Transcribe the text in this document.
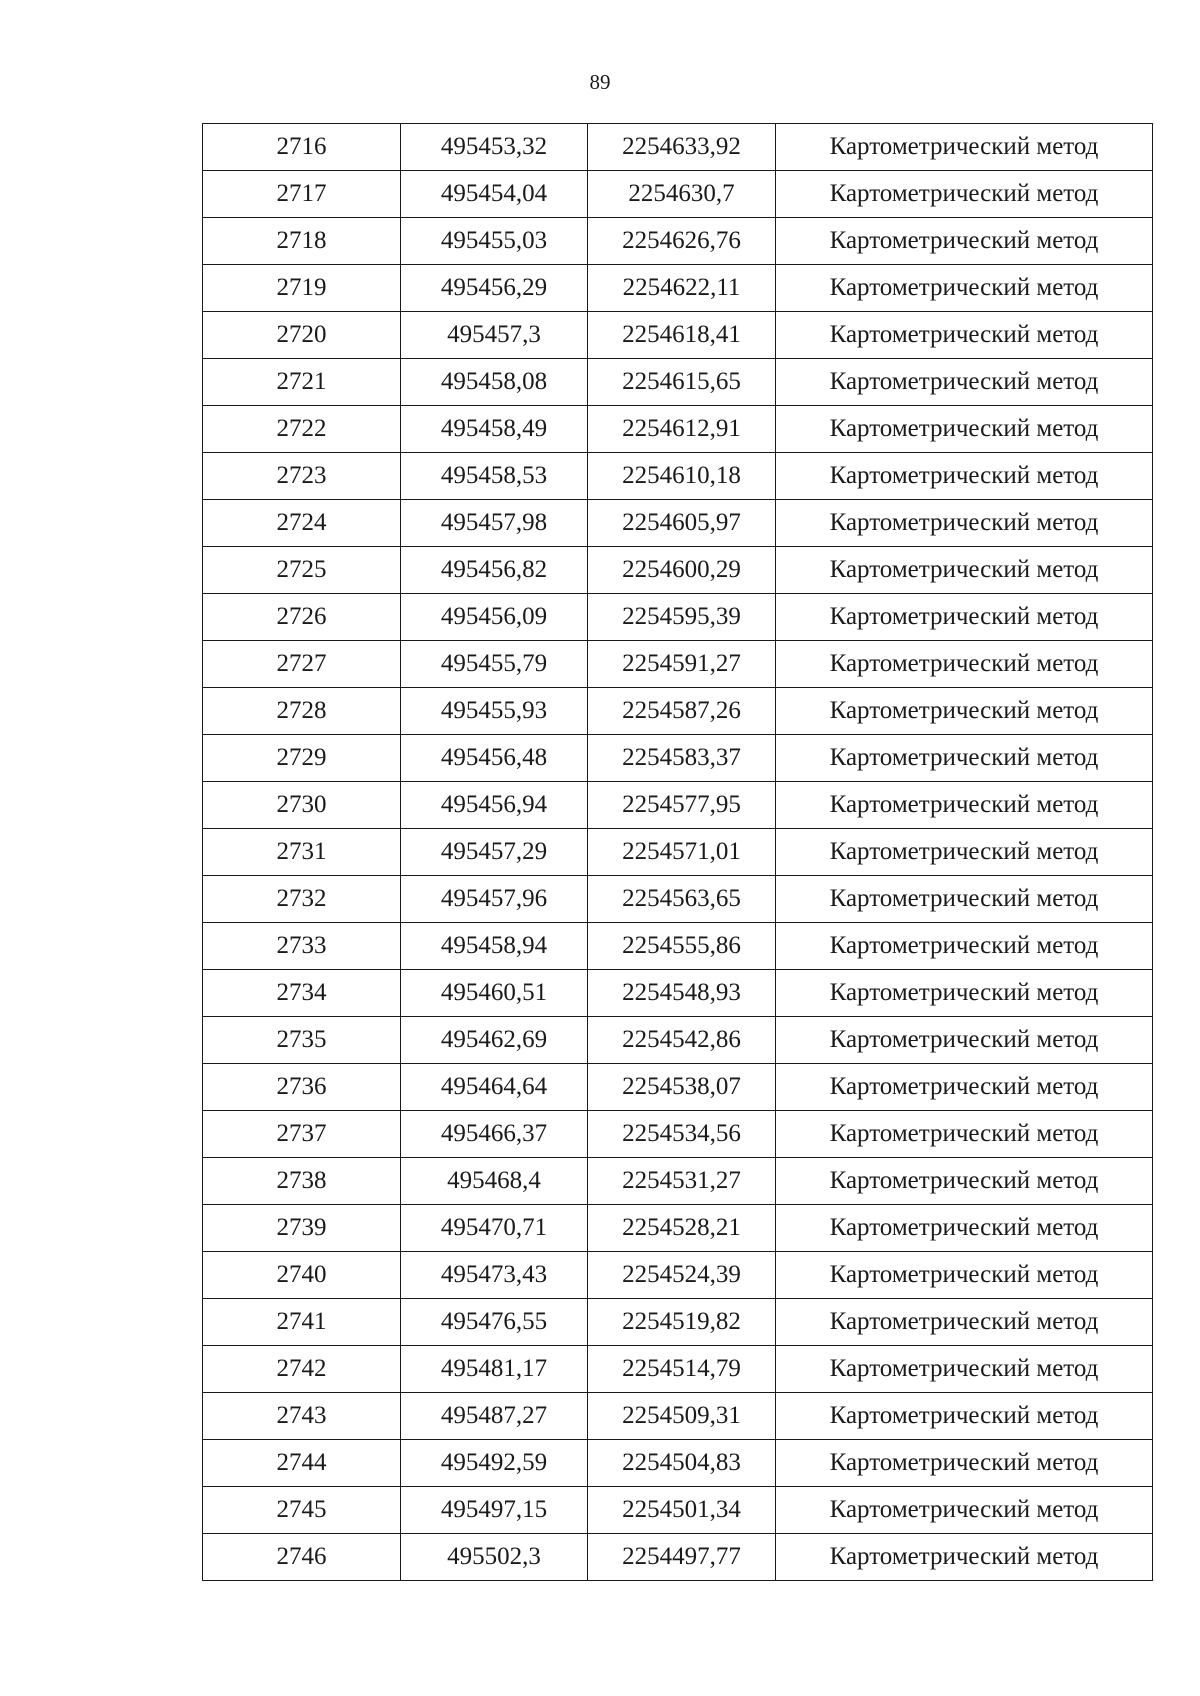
89
2716	495453,32	2254633,92	Картометрический метод
2717	495454,04	2254630,7	Картометрический метод
2718	495455,03	2254626,76	Картометрический метод
2719	495456,29	2254622,11	Картометрический метод
2720	495457,3	2254618,41	Картометрический метод
2721	495458,08	2254615,65	Картометрический метод
2722	495458,49	2254612,91	Картометрический метод
2723	495458,53	2254610,18	Картометрический метод
2724	495457,98	2254605,97	Картометрический метод
2725	495456,82	2254600,29	Картометрический метод
2726	495456,09	2254595,39	Картометрический метод
2727	495455,79	2254591,27	Картометрический метод
2728	495455,93	2254587,26	Картометрический метод
2729	495456,48	2254583,37	Картометрический метод
2730	495456,94	2254577,95	Картометрический метод
2731	495457,29	2254571,01	Картометрический метод
2732	495457,96	2254563,65	Картометрический метод
2733	495458,94	2254555,86	Картометрический метод
2734	495460,51	2254548,93	Картометрический метод
2735	495462,69	2254542,86	Картометрический метод
2736	495464,64	2254538,07	Картометрический метод
2737	495466,37	2254534,56	Картометрический метод
2738	495468,4	2254531,27	Картометрический метод
2739	495470,71	2254528,21	Картометрический метод
2740	495473,43	2254524,39	Картометрический метод
2741	495476,55	2254519,82	Картометрический метод
2742	495481,17	2254514,79	Картометрический метод
2743	495487,27	2254509,31	Картометрический метод
2744	495492,59	2254504,83	Картометрический метод
2745	495497,15	2254501,34	Картометрический метод
2746	495502,3	2254497,77	Картометрический метод
